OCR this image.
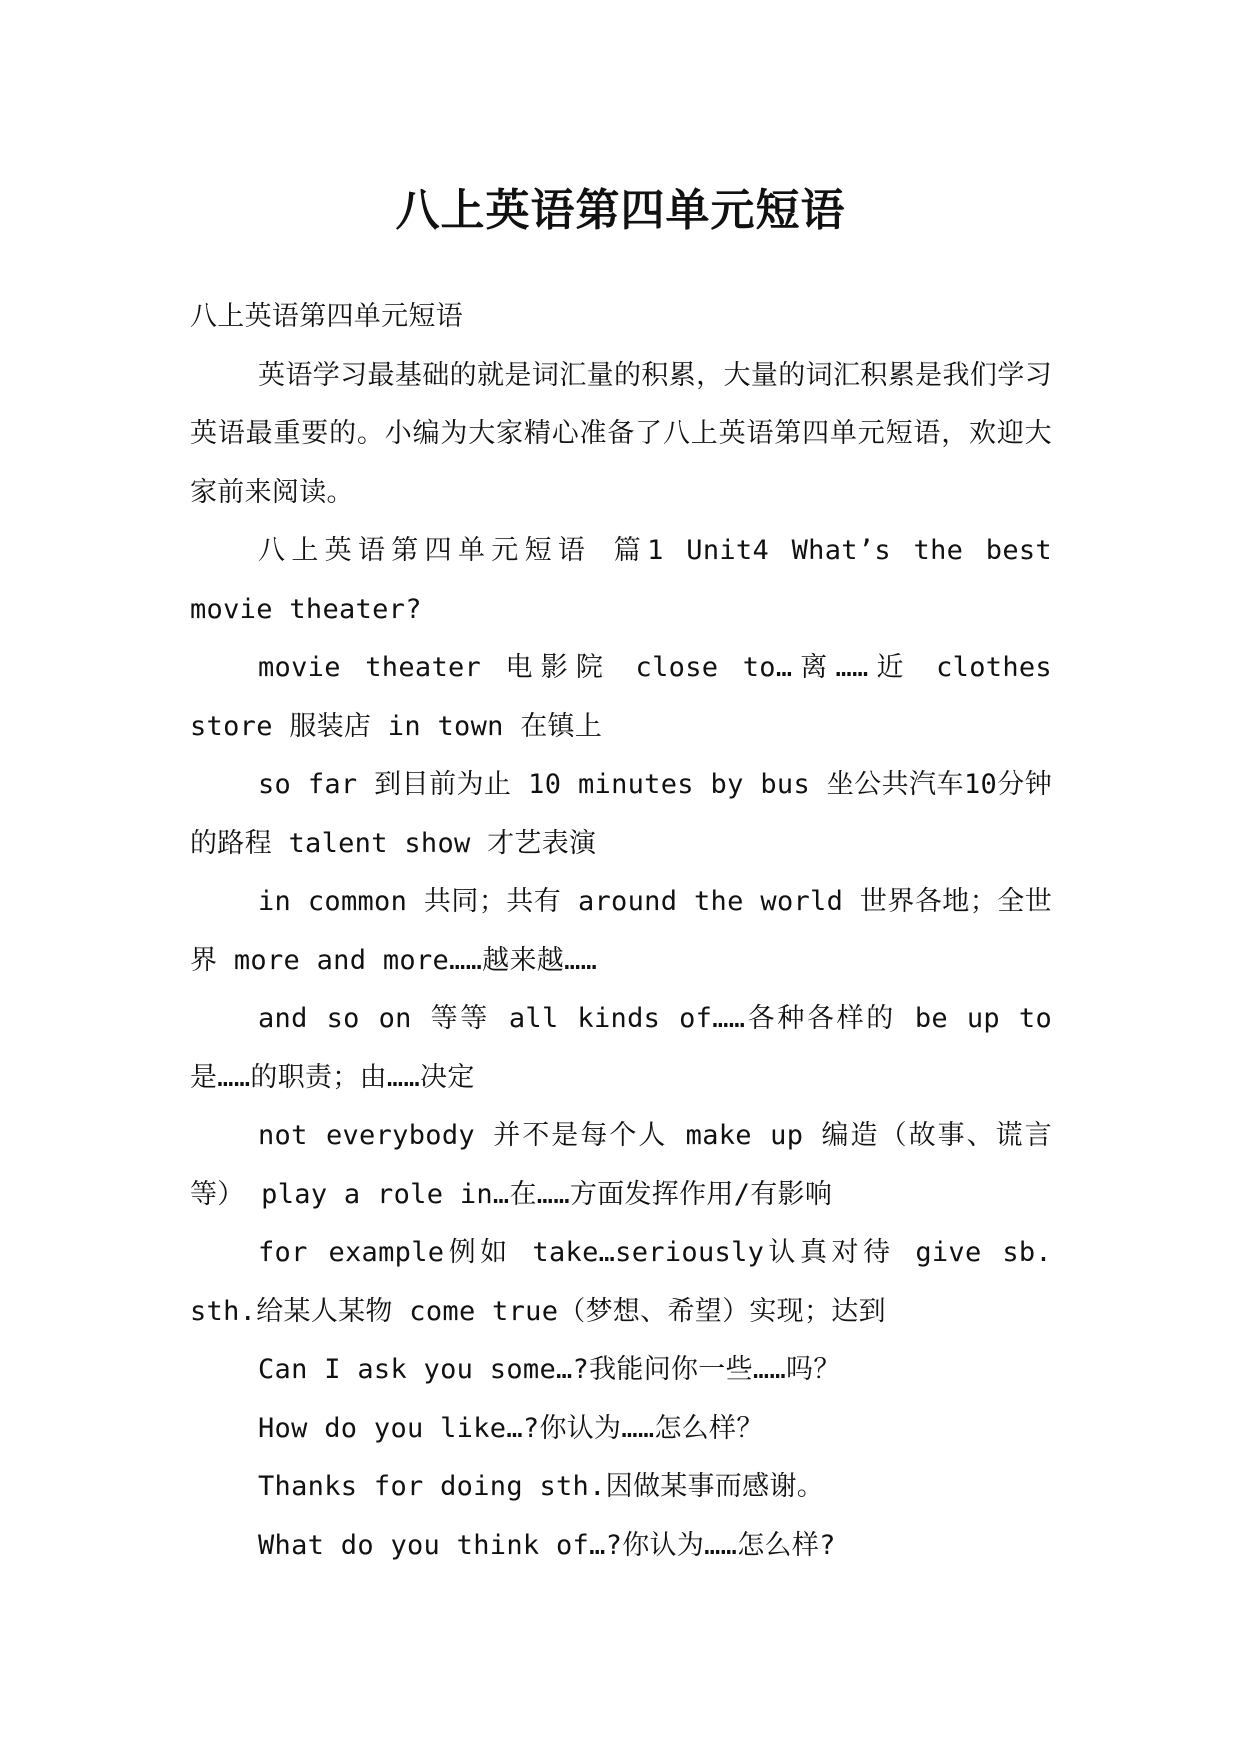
八上英语第四单元短语

八上英语第四单元短语

英语学习最基础的就是词汇量的积累，大量的词汇积累是我们学习英语最重要的。小编为大家精心准备了八上英语第四单元短语，欢迎大家前来阅读。

八上英语第四单元短语 篇1 Unit4 What’s the best movie theater?

movie theater 电影院 close to…离……近 clothes store 服装店 in town 在镇上

so far 到目前为止 10 minutes by bus 坐公共汽车10分钟的路程 talent show 才艺表演

in common 共同；共有 around the world 世界各地；全世界 more and more……越来越……

and so on 等等 all kinds of……各种各样的 be up to 是……的职责；由……决定

not everybody 并不是每个人 make up 编造（故事、谎言等） play a role in…在……方面发挥作用/有影响

for example例如 take…seriously认真对待 give sb. sth.给某人某物 come true（梦想、希望）实现；达到

Can I ask you some…?我能问你一些……吗？

How do you like…?你认为……怎么样？

Thanks for doing sth.因做某事而感谢。

What do you think of…?你认为……怎么样?
